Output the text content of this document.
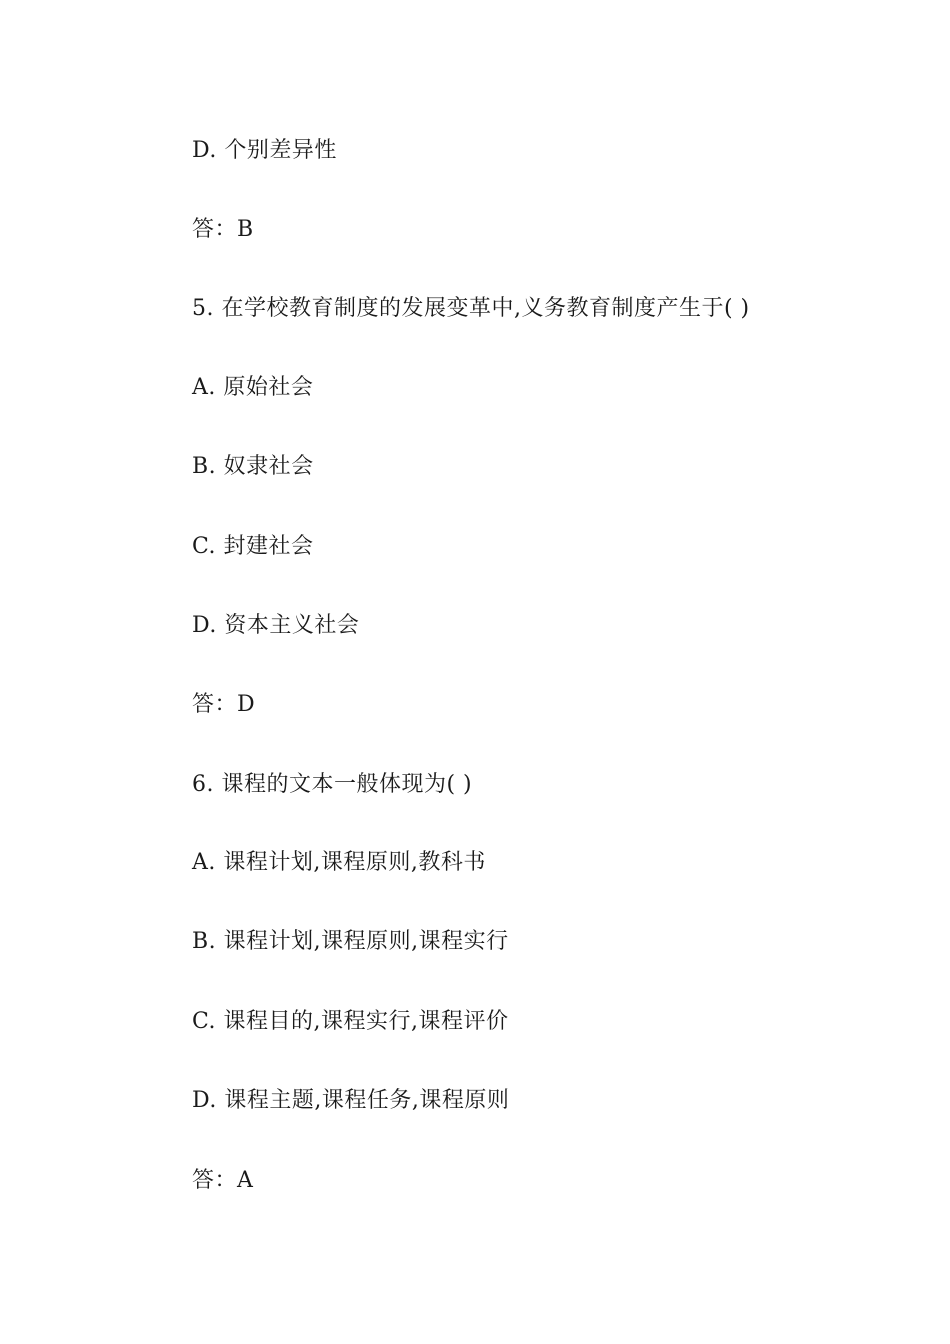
D. 个别差异性
答：B
5. 在学校教育制度的发展变革中,义务教育制度产生于( )
A. 原始社会
B. 奴隶社会
C. 封建社会
D. 资本主义社会
答：D
6. 课程的文本一般体现为( )
A. 课程计划,课程原则,教科书
B. 课程计划,课程原则,课程实行
C. 课程目的,课程实行,课程评价
D. 课程主题,课程任务,课程原则
答：A
